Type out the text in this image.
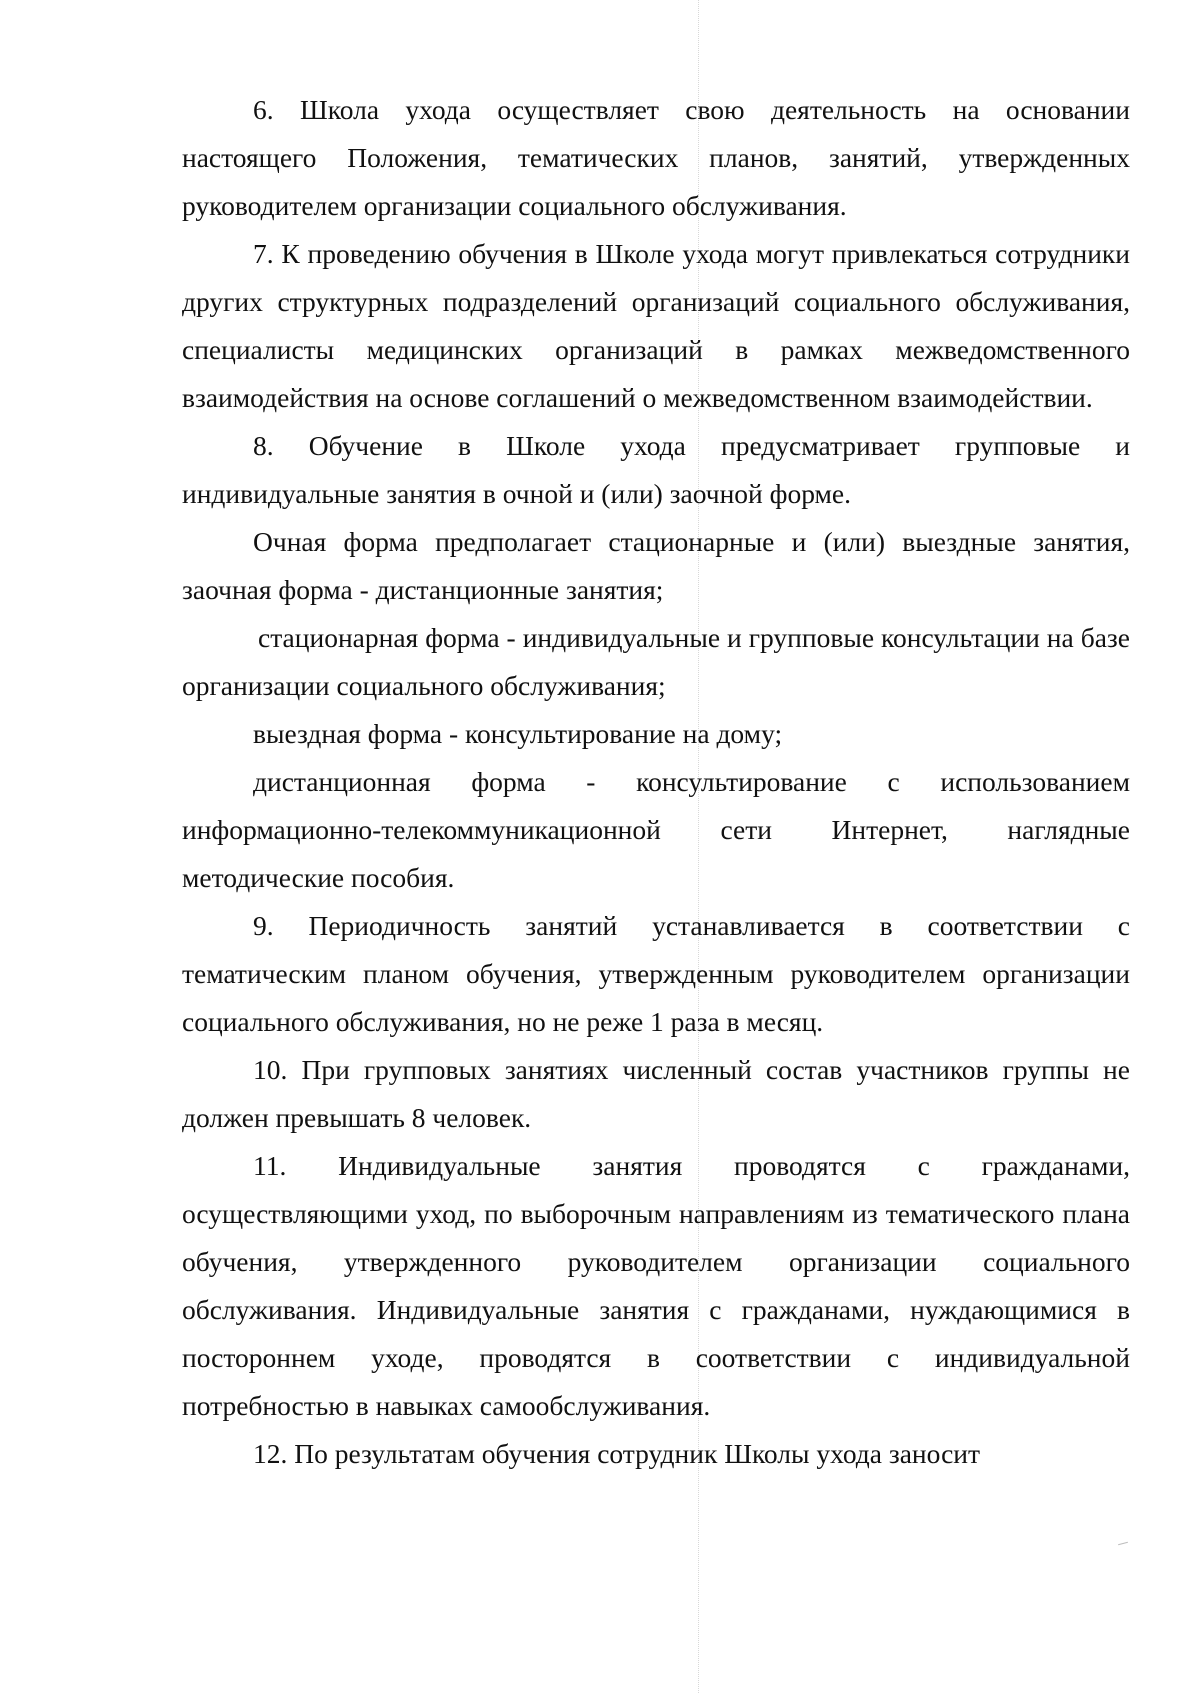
6. Школа ухода осуществляет свою деятельность на основании настоящего Положения, тематических планов, занятий, утвержденных руководителем организации социального обслуживания.

7. К проведению обучения в Школе ухода могут привлекаться сотрудники других структурных подразделений организаций социального обслуживания, специалисты медицинских организаций в рамках межведомственного взаимодействия на основе соглашений о межведомственном взаимодействии.

8. Обучение в Школе ухода предусматривает групповые и индивидуальные занятия в очной и (или) заочной форме.

Очная форма предполагает стационарные и (или) выездные занятия, заочная форма - дистанционные занятия;

стационарная форма - индивидуальные и групповые консультации на базе организации социального обслуживания;

выездная форма - консультирование на дому;

дистанционная форма - консультирование с использованием информационно-телекоммуникационной сети Интернет, наглядные методические пособия.

9. Периодичность занятий устанавливается в соответствии с тематическим планом обучения, утвержденным руководителем организации социального обслуживания, но не реже 1 раза в месяц.

10. При групповых занятиях численный состав участников группы не должен превышать 8 человек.

11. Индивидуальные занятия проводятся с гражданами, осуществляющими уход, по выборочным направлениям из тематического плана обучения, утвержденного руководителем организации социального обслуживания. Индивидуальные занятия с гражданами, нуждающимися в постороннем уходе, проводятся в соответствии с индивидуальной потребностью в навыках самообслуживания.

12. По результатам обучения сотрудник Школы ухода заносит
